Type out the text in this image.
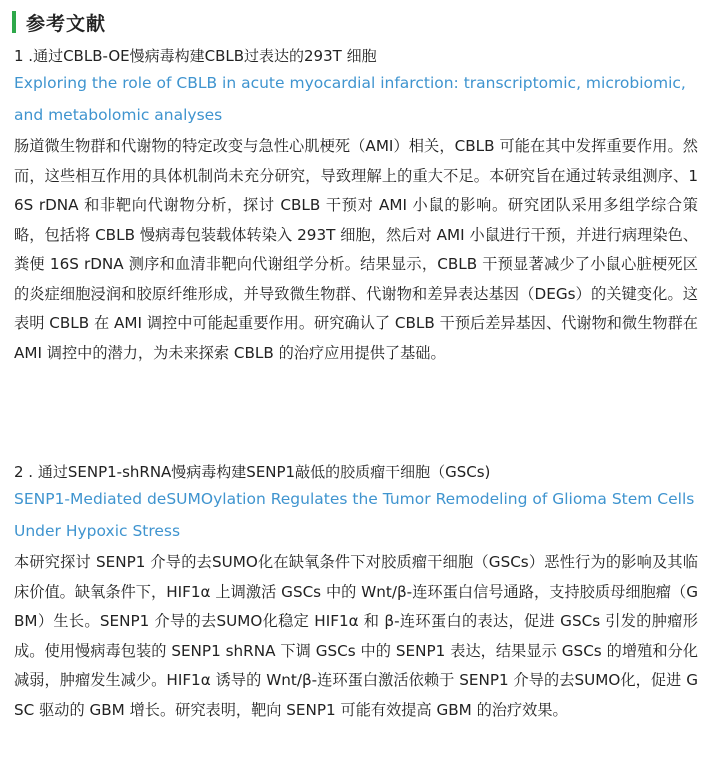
参考文献
1 .通过CBLB-OE慢病毒构建CBLB过表达的293T 细胞
Exploring the role of CBLB in acute myocardial infarction: transcriptomic, microbiomic, and metabolomic analyses

肠道微生物群和代谢物的特定改变与急性心肌梗死（AMI）相关，CBLB 可能在其中发挥重要作用。然而，这些相互作用的具体机制尚未充分研究，导致理解上的重大不足。本研究旨在通过转录组测序、16S rDNA 和非靶向代谢物分析，探讨 CBLB 干预对 AMI 小鼠的影响。研究团队采用多组学综合策略，包括将 CBLB 慢病毒包装载体转染入 293T 细胞，然后对 AMI 小鼠进行干预，并进行病理染色、粪便 16S rDNA 测序和血清非靶向代谢组学分析。结果显示，CBLB 干预显著减少了小鼠心脏梗死区的炎症细胞浸润和胶原纤维形成，并导致微生物群、代谢物和差异表达基因（DEGs）的关键变化。这表明 CBLB 在 AMI 调控中可能起重要作用。研究确认了 CBLB 干预后差异基因、代谢物和微生物群在 AMI 调控中的潜力，为未来探索 CBLB 的治疗应用提供了基础。

2 . 通过SENP1-shRNA慢病毒构建SENP1敲低的胶质瘤干细胞（GSCs)
SENP1-Mediated deSUMOylation Regulates the Tumor Remodeling of Glioma Stem Cells Under Hypoxic Stress

本研究探讨 SENP1 介导的去SUMO化在缺氧条件下对胶质瘤干细胞（GSCs）恶性行为的影响及其临床价值。缺氧条件下，HIF1α 上调激活 GSCs 中的 Wnt/β-连环蛋白信号通路，支持胶质母细胞瘤（GBM）生长。SENP1 介导的去SUMO化稳定 HIF1α 和 β-连环蛋白的表达，促进 GSCs 引发的肿瘤形成。使用慢病毒包装的 SENP1 shRNA 下调 GSCs 中的 SENP1 表达，结果显示 GSCs 的增殖和分化减弱，肿瘤发生减少。HIF1α 诱导的 Wnt/β-连环蛋白激活依赖于 SENP1 介导的去SUMO化，促进 GSC 驱动的 GBM 增长。研究表明，靶向 SENP1 可能有效提高 GBM 的治疗效果。
